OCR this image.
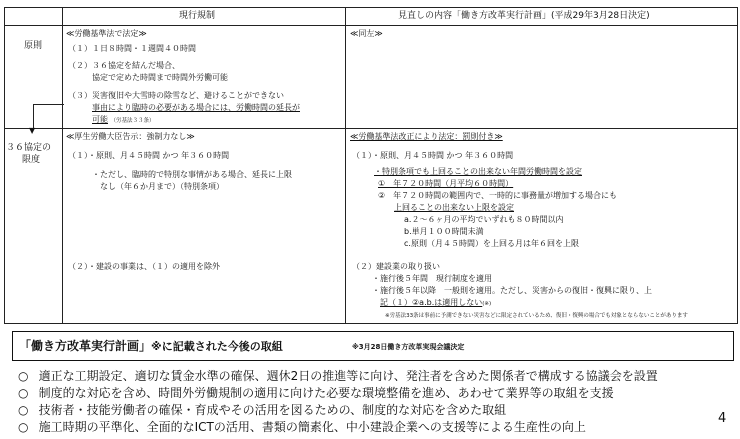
▼
現行規制	見直しの内容「働き方改革実行計画」(平成29年3月28日決定)
原則
３６協定の
限度
≪労働基準法で法定≫
（１）１日８時間・１週間４０時間
（２）３６協定を結んだ場合、
協定で定めた時間まで時間外労働可能
（３）災害復旧や大雪時の除雪など、避けることができない
事由により臨時の必要がある場合には、労働時間の延長が
可能 （労基法３３条）
≪同左≫
≪厚生労働大臣告示：強制力なし≫
（１）・原則、月４５時間 かつ 年３６０時間
・ただし、臨時的で特別な事情がある場合、延長に上限
なし（年６か月まで）（特別条項）
（２）・建設の事業は、（１）の適用を除外
≪労働基準法改正により法定：罰則付き≫
（１）・原則、月４５時間 かつ 年３６０時間
・特別条項でも上回ることの出来ない年間労働時間を設定
①　年７２０時間（月平均６０時間）
②　年７２０時間の範囲内で、一時的に事務量が増加する場合にも
上回ることの出来ない上限を設定
a.２～６ヶ月の平均でいずれも８０時間以内
b.単月１００時間未満
c.原則（月４５時間）を上回る月は年６回を上限
（２）建設業の取り扱い
・施行後５年間　現行制度を適用
・施行後５年以降　一般則を適用。ただし、災害からの復旧・復興に限り、上
記（１）②a.b.は適用しない(※)
※労基法33条は事前に予測できない災害などに限定されているため、復旧・復興の場合でも対象とならないことがあります
「働き方改革実行計画」※に記載された今後の取組	※3月28日働き方改革実現会議決定
○ 適正な工期設定、適切な賃金水準の確保、週休2日の推進等に向け、発注者を含めた関係者で構成する協議会を設置
○ 制度的な対応を含め、時間外労働規制の適用に向けた必要な環境整備を進め、あわせて業界等の取組を支援
○ 技術者・技能労働者の確保・育成やその活用を図るための、制度的な対応を含めた取組
○ 施工時期の平準化、全面的なICTの活用、書類の簡素化、中小建設企業への支援等による生産性の向上
4
